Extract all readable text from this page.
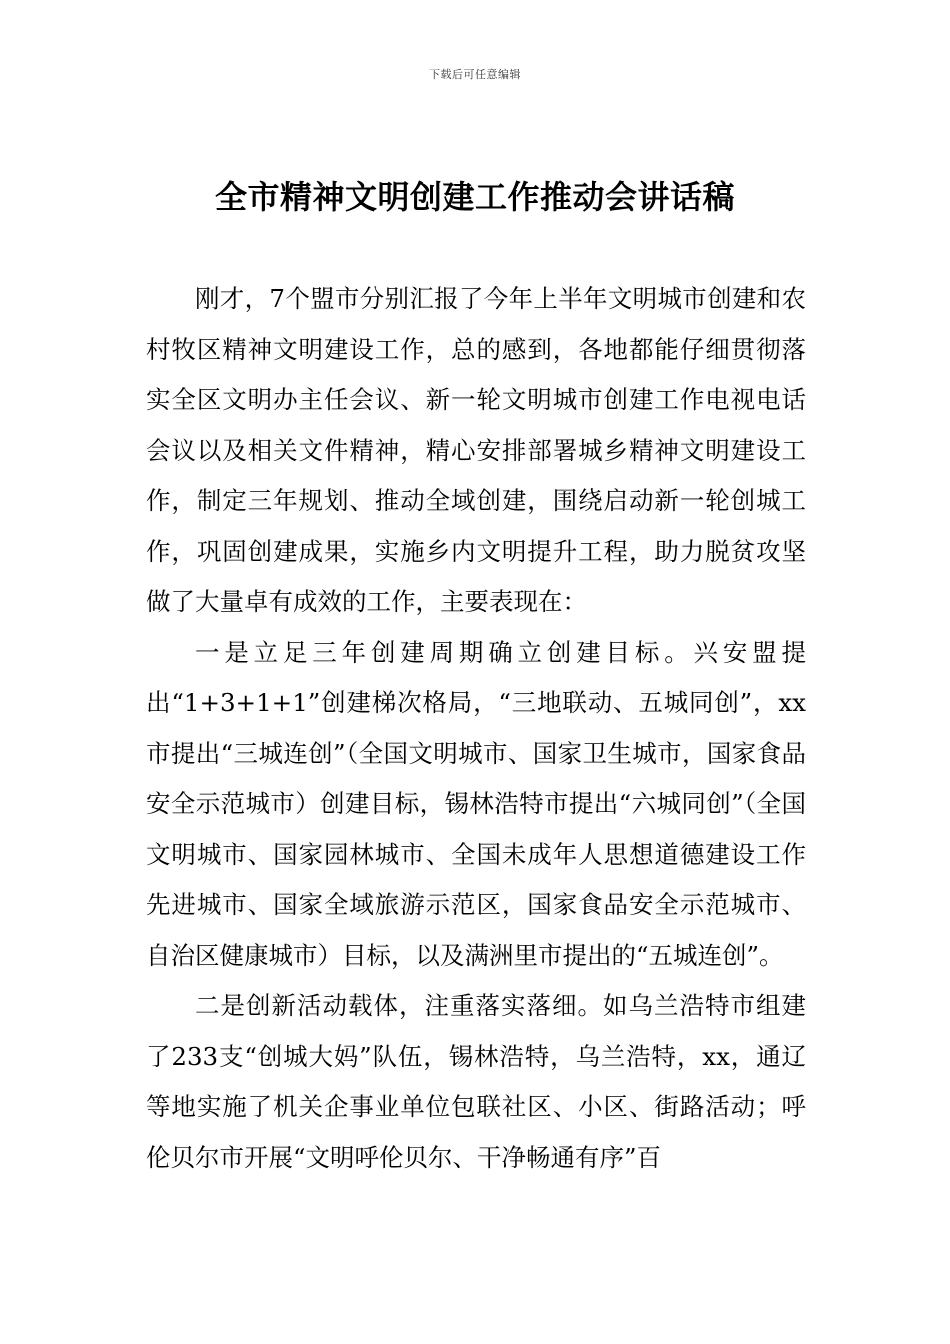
下载后可任意编辑
全市精神文明创建工作推动会讲话稿

刚才，7个盟市分别汇报了今年上半年文明城市创建和农村牧区精神文明建设工作，总的感到，各地都能仔细贯彻落实全区文明办主任会议、新一轮文明城市创建工作电视电话会议以及相关文件精神，精心安排部署城乡精神文明建设工作，制定三年规划、推动全域创建，围绕启动新一轮创城工作，巩固创建成果，实施乡内文明提升工程，助力脱贫攻坚做了大量卓有成效的工作，主要表现在：

一是立足三年创建周期确立创建目标。兴安盟提出“1+3+1+1”创建梯次格局，“三地联动、五城同创”，xx市提出“三城连创”（全国文明城市、国家卫生城市，国家食品安全示范城市）创建目标，锡林浩特市提出“六城同创”（全国文明城市、国家园林城市、全国未成年人思想道德建设工作先进城市、国家全域旅游示范区，国家食品安全示范城市、自治区健康城市）目标，以及满洲里市提出的“五城连创”。

二是创新活动载体，注重落实落细。如乌兰浩特市组建了233支“创城大妈”队伍，锡林浩特，乌兰浩特，xx，通辽等地实施了机关企事业单位包联社区、小区、街路活动；呼伦贝尔市开展“文明呼伦贝尔、干净畅通有序”百
